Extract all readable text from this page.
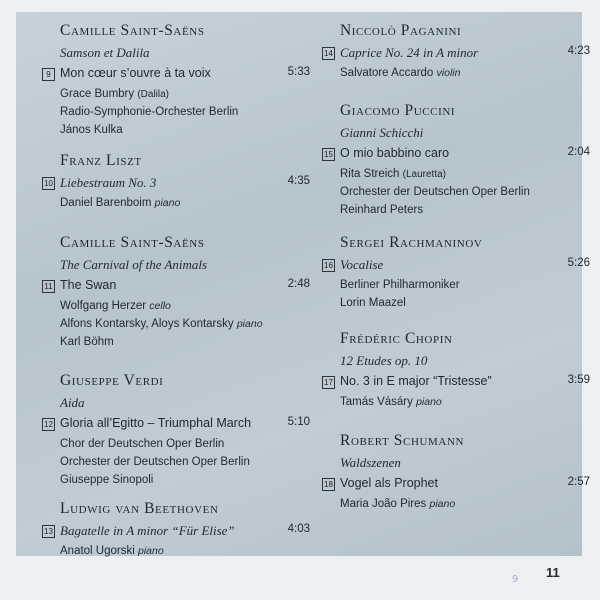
Camille Saint-Saëns
Samson et Dalila
9 Mon cœur s’ouvre à ta voix	5:33
Grace Bumbry (Dalila)
Radio-Symphonie-Orchester Berlin
János Kulka
Franz Liszt
10 Liebestraum No. 3	4:35
Daniel Barenboim piano
Camille Saint-Saëns
The Carnival of the Animals
11 The Swan	2:48
Wolfgang Herzer cello
Alfons Kontarsky, Aloys Kontarsky piano
Karl Böhm
Giuseppe Verdi
Aida
12 Gloria all’Egitto – Triumphal March	5:10
Chor der Deutschen Oper Berlin
Orchester der Deutschen Oper Berlin
Giuseppe Sinopoli
Ludwig van Beethoven
13 Bagatelle in A minor “Für Elise”	4:03
Anatol Ugorski piano
Niccolò Paganini
14 Caprice No. 24 in A minor	4:23
Salvatore Accardo violin
Giacomo Puccini
Gianni Schicchi
15 O mio babbino caro	2:04
Rita Streich (Lauretta)
Orchester der Deutschen Oper Berlin
Reinhard Peters
Sergei Rachmaninov
16 Vocalise	5:26
Berliner Philharmoniker
Lorin Maazel
Frédéric Chopin
12 Etudes op. 10
17 No. 3 in E major “Tristesse”	3:59
Tamás Vásáry piano
Robert Schumann
Waldszenen
18 Vogel als Prophet	2:57
Maria João Pires piano
11
9
